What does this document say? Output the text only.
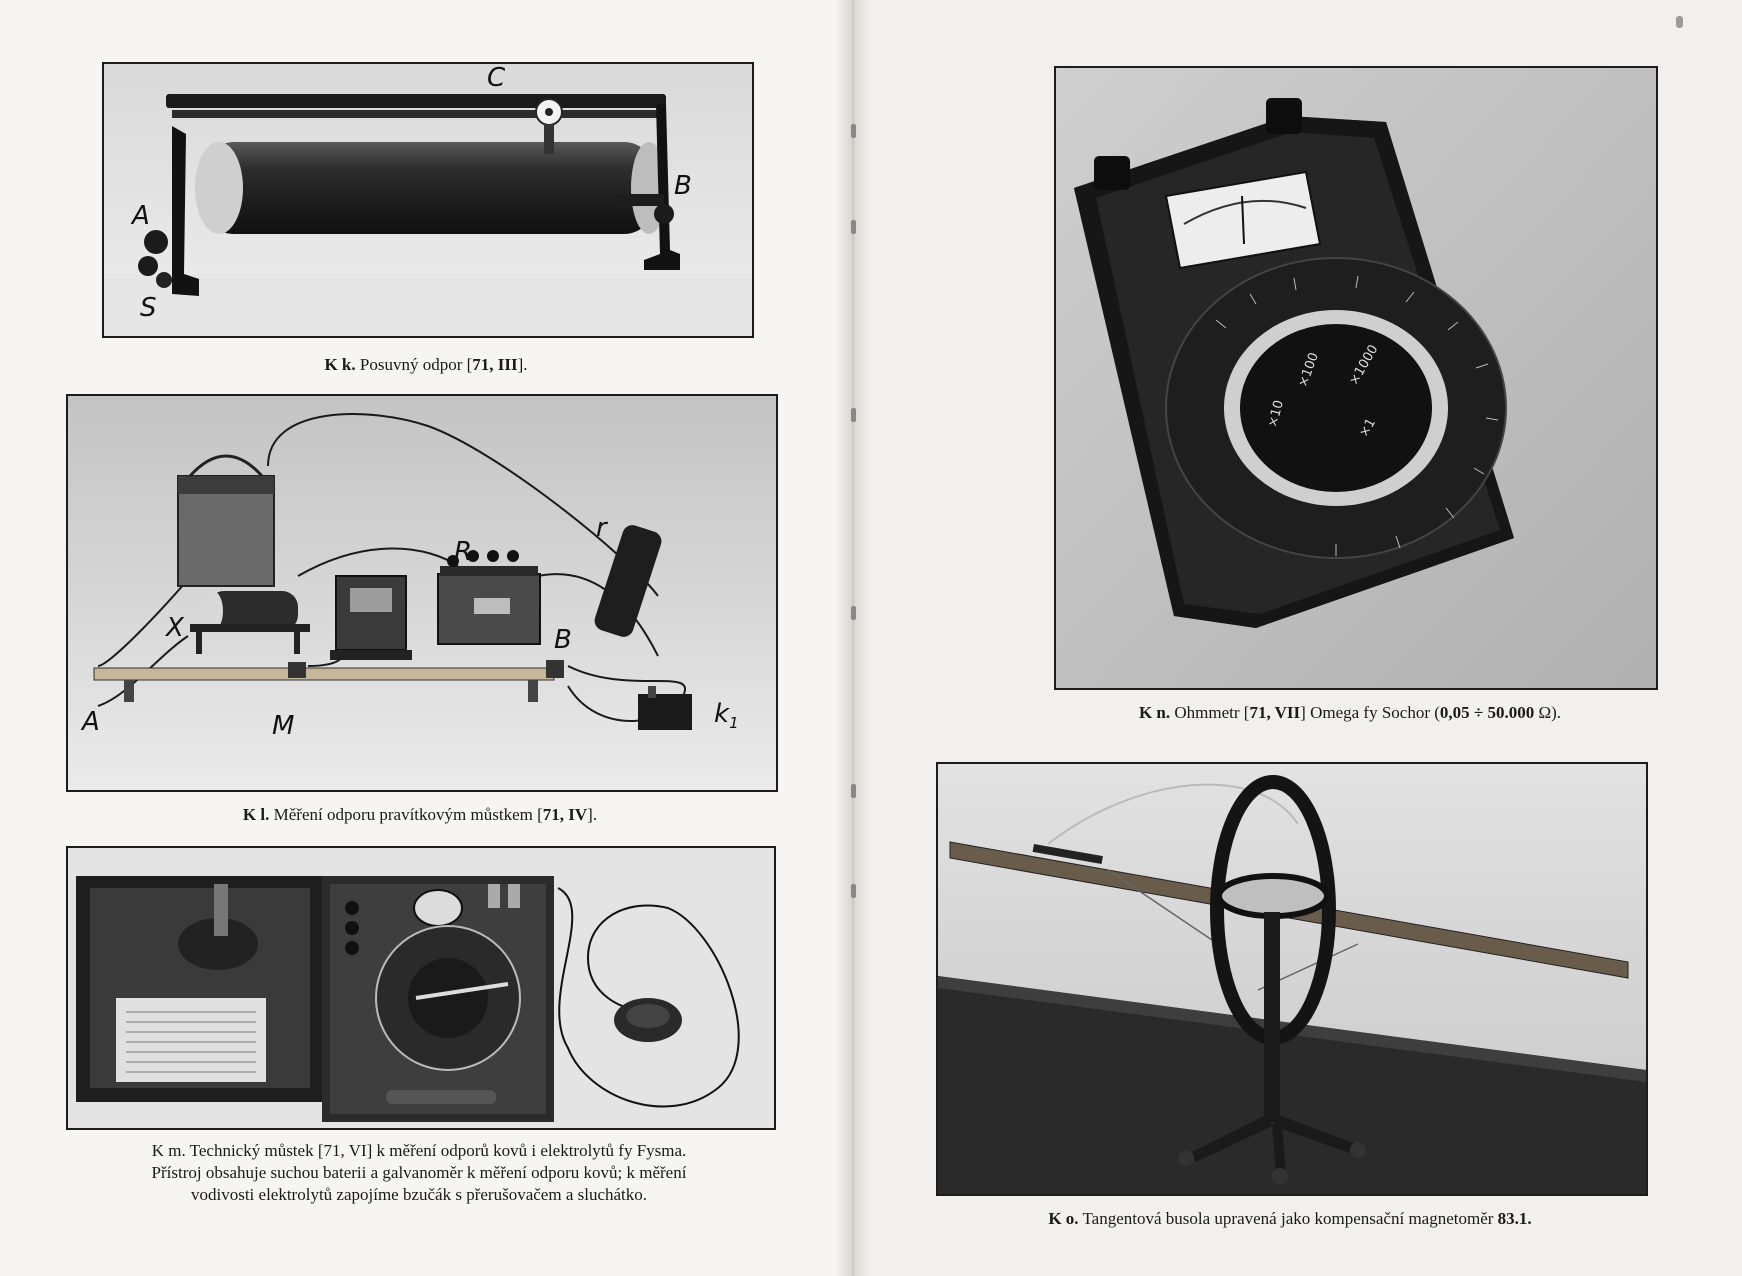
C
B
A
S
K k. Posuvný odpor [71, III].
R
r
X	B
A	M	$k_1$
K l. Měření odporu pravítkovým můstkem [71, IV].
K m. Technický můstek [71, VI] k měření odporů kovů i elektrolytů fy Fysma.
Přístroj obsahuje suchou baterii a galvanoměr k měření odporu kovů; k měření
vodivosti elektrolytů zapojíme bzučák s přerušovačem a sluchátko.
×100 ×1000
×10	×1
K n. Ohmmetr [71, VII] Omega fy Sochor (0,05 ÷ 50.000 Ω).
K o. Tangentová busola upravená jako kompensační magnetoměr 83.1.
